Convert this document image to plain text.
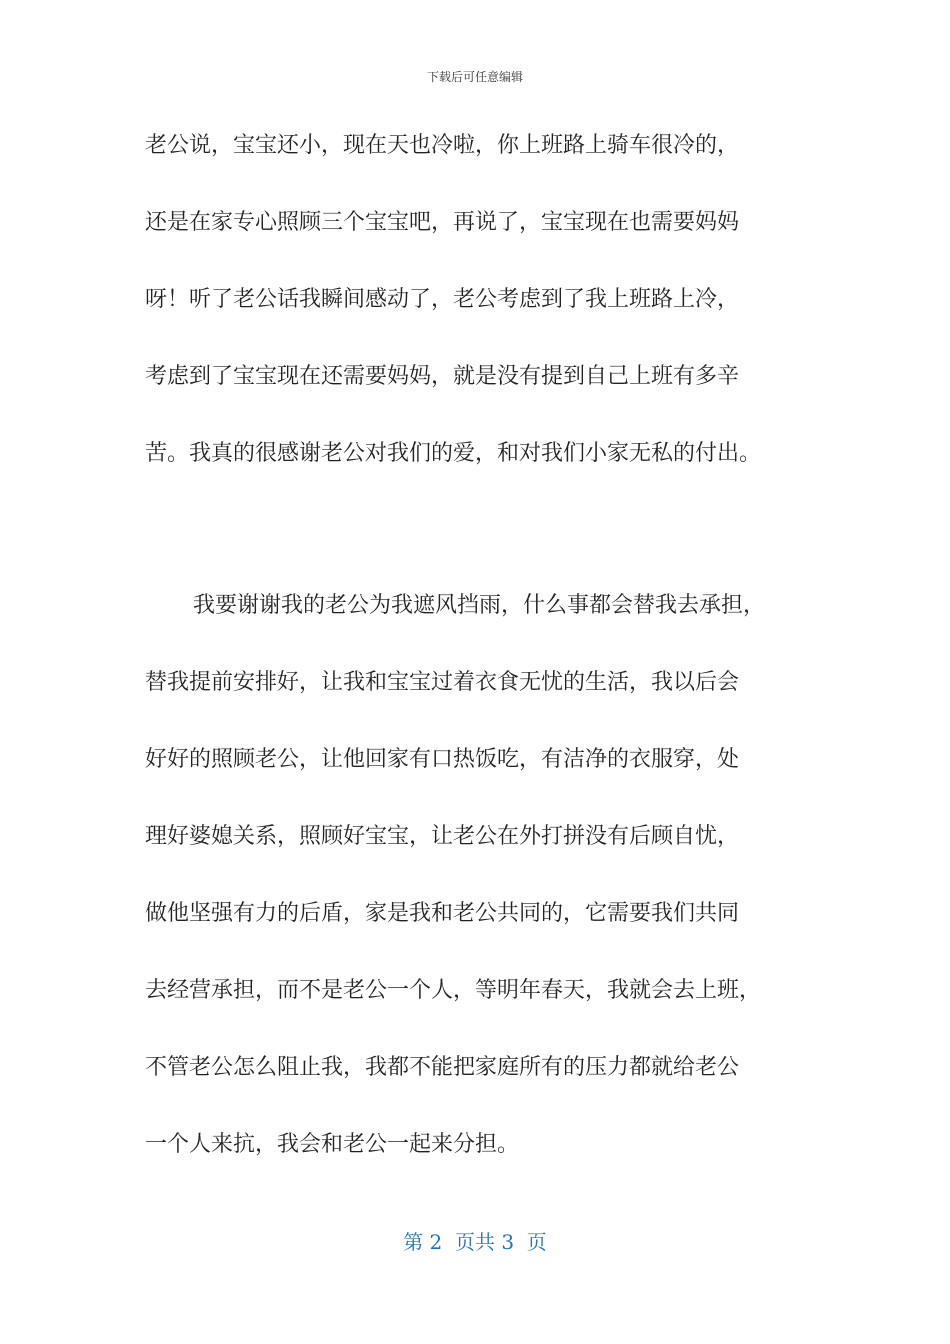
下载后可任意编辑
老公说，宝宝还小，现在天也冷啦，你上班路上骑车很冷的，
还是在家专心照顾三个宝宝吧，再说了，宝宝现在也需要妈妈
呀！听了老公话我瞬间感动了，老公考虑到了我上班路上冷，
考虑到了宝宝现在还需要妈妈，就是没有提到自己上班有多辛
苦。我真的很感谢老公对我们的爱，和对我们小家无私的付出。
我要谢谢我的老公为我遮风挡雨，什么事都会替我去承担，
替我提前安排好，让我和宝宝过着衣食无忧的生活，我以后会
好好的照顾老公，让他回家有口热饭吃，有洁净的衣服穿，处
理好婆媳关系，照顾好宝宝，让老公在外打拼没有后顾自忧，
做他坚强有力的后盾，家是我和老公共同的，它需要我们共同
去经营承担，而不是老公一个人，等明年春天，我就会去上班，
不管老公怎么阻止我，我都不能把家庭所有的压力都就给老公
一个人来抗，我会和老公一起来分担。
第 2  页共 3  页
